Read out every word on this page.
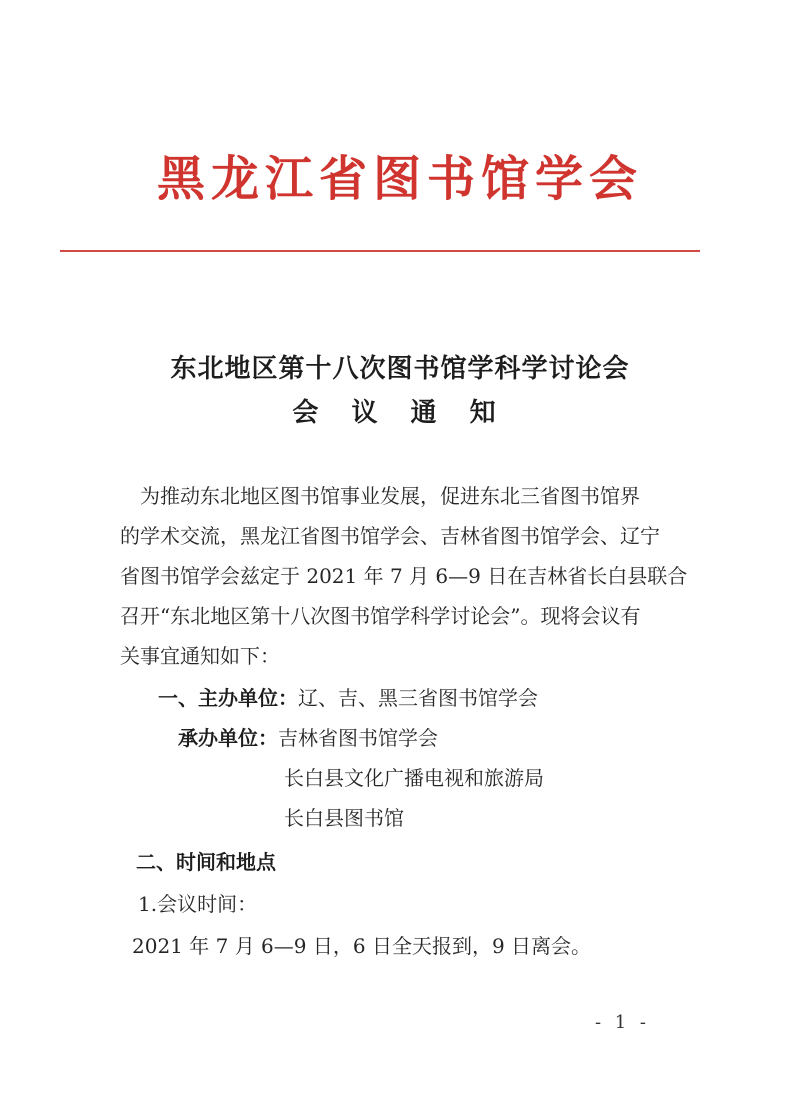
黑龙江省图书馆学会
东北地区第十八次图书馆学科学讨论会
会 议 通 知
为推动东北地区图书馆事业发展，促进东北三省图书馆界
的学术交流，黑龙江省图书馆学会、吉林省图书馆学会、辽宁
省图书馆学会兹定于 2021 年 7 月 6—9 日在吉林省长白县联合
召开“东北地区第十八次图书馆学科学讨论会”。现将会议有
关事宜通知如下：
一、主办单位：辽、吉、黑三省图书馆学会
承办单位：吉林省图书馆学会
长白县文化广播电视和旅游局
长白县图书馆
二、时间和地点
1.会议时间：
2021 年 7 月 6—9 日，6 日全天报到，9 日离会。
- 1 -
